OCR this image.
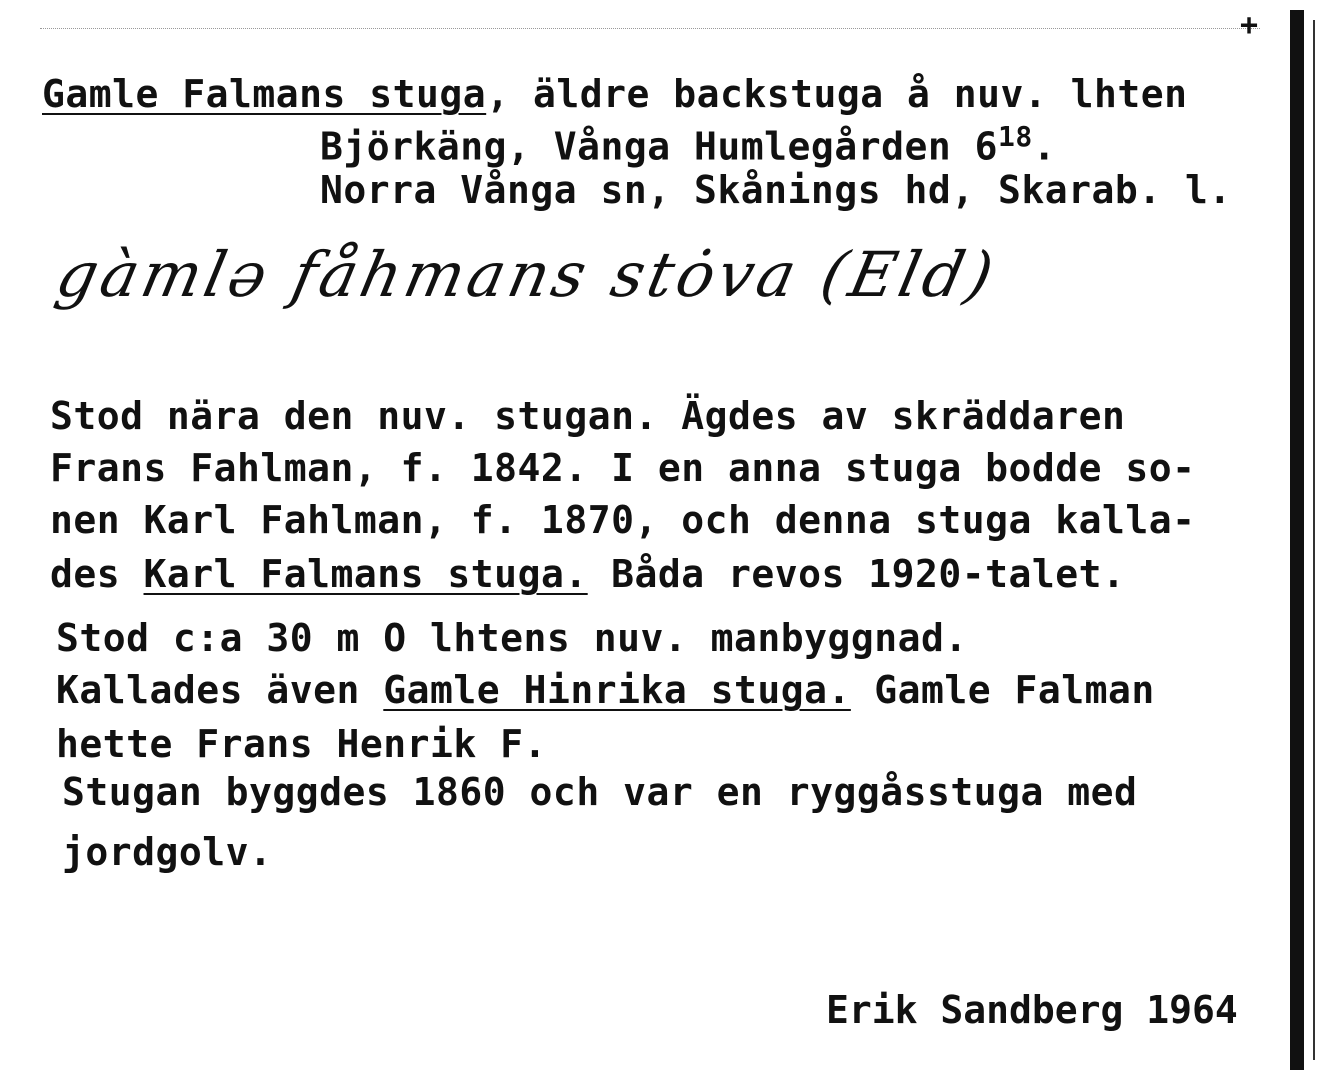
+
Gamle Falmans stuga, äldre backstuga å nuv. lhten
Björkäng, Vånga Humlegården $6^{18}$.
Norra Vånga sn, Skånings hd, Skarab. l.
gàmlə fåhmans stȯva (Eld)
Stod nära den nuv. stugan. Ägdes av skräddaren
Frans Fahlman, f. 1842. I en anna stuga bodde so-
nen Karl Fahlman, f. 1870, och denna stuga kalla-
des Karl Falmans stuga. Båda revos 1920-talet.
Stod c:a 30 m O lhtens nuv. manbyggnad.
Kallades även Gamle Hinrika stuga. Gamle Falman
hette Frans Henrik F.
Stugan byggdes 1860 och var en ryggåsstuga med
jordgolv.
Erik Sandberg 1964
